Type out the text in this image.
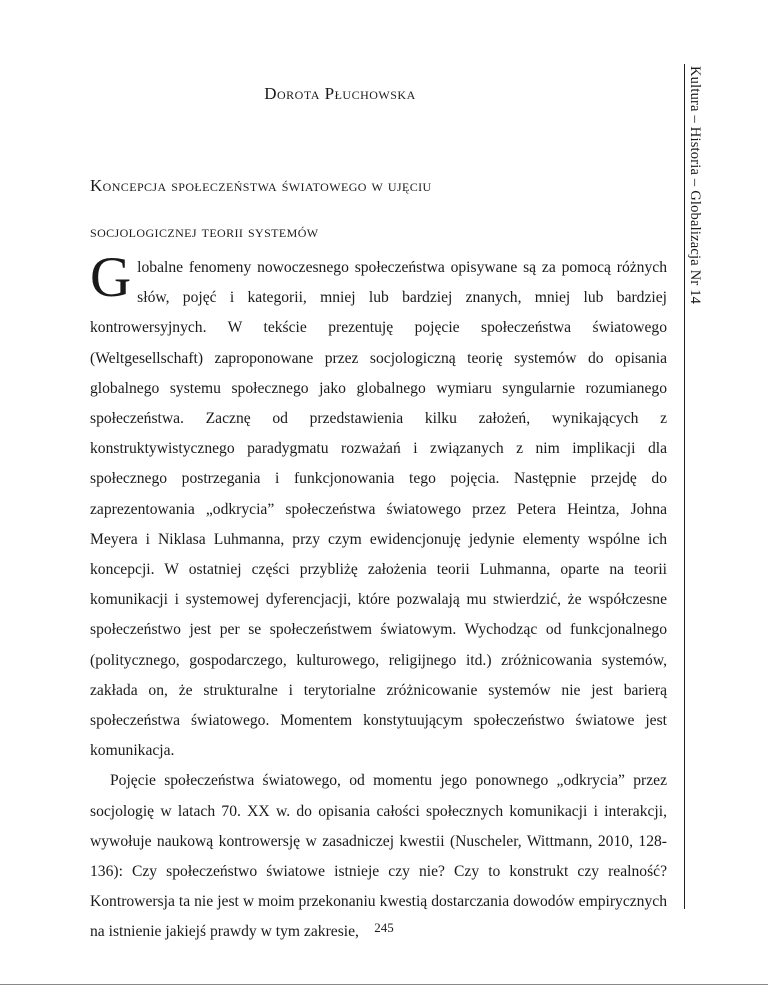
Dorota Płuchowska
Koncepcja społeczeństwa światowego w ujęciu
socjologicznej teorii systemów	Kultura – Historia – Globalizacja Nr 14

Globalne fenomeny nowoczesnego społeczeństwa opisywane są za pomocą różnych słów, pojęć i kategorii, mniej lub bardziej znanych, mniej lub bardziej kontrowersyjnych. W tekście prezentuję pojęcie społeczeństwa światowego (Weltgesellschaft) zaproponowane przez socjologiczną teorię systemów do opisania globalnego systemu społecznego jako globalnego wymiaru syngularnie rozumianego społeczeństwa. Zacznę od przedstawienia kilku założeń, wynikających z konstruktywistycznego paradygmatu rozważań i związanych z nim implikacji dla społecznego postrzegania i funkcjonowania tego pojęcia. Następnie przejdę do zaprezentowania „odkrycia” społeczeństwa światowego przez Petera Heintza, Johna Meyera i Niklasa Luhmanna, przy czym ewidencjonuję jedynie elementy wspólne ich koncepcji. W ostatniej części przybliżę założenia teorii Luhmanna, oparte na teorii komunikacji i systemowej dyferencjacji, które pozwalają mu stwierdzić, że współczesne społeczeństwo jest per se społeczeństwem światowym. Wychodząc od funkcjonalnego (politycznego, gospodarczego, kulturowego, religijnego itd.) zróżnicowania systemów, zakłada on, że strukturalne i terytorialne zróżnicowanie systemów nie jest barierą społeczeństwa światowego. Momentem konstytuującym społeczeństwo światowe jest komunikacja.

Pojęcie społeczeństwa światowego, od momentu jego ponownego „odkrycia” przez socjologię w latach 70. XX w. do opisania całości społecznych komunikacji i interakcji, wywołuje naukową kontrowersję w zasadniczej kwestii (Nuscheler, Wittmann, 2010, 128-136): Czy społeczeństwo światowe istnieje czy nie? Czy to konstrukt czy realność? Kontrowersja ta nie jest w moim przekonaniu kwestią dostarczania dowodów empirycznych na istnienie jakiejś prawdy w tym zakresie,	245
